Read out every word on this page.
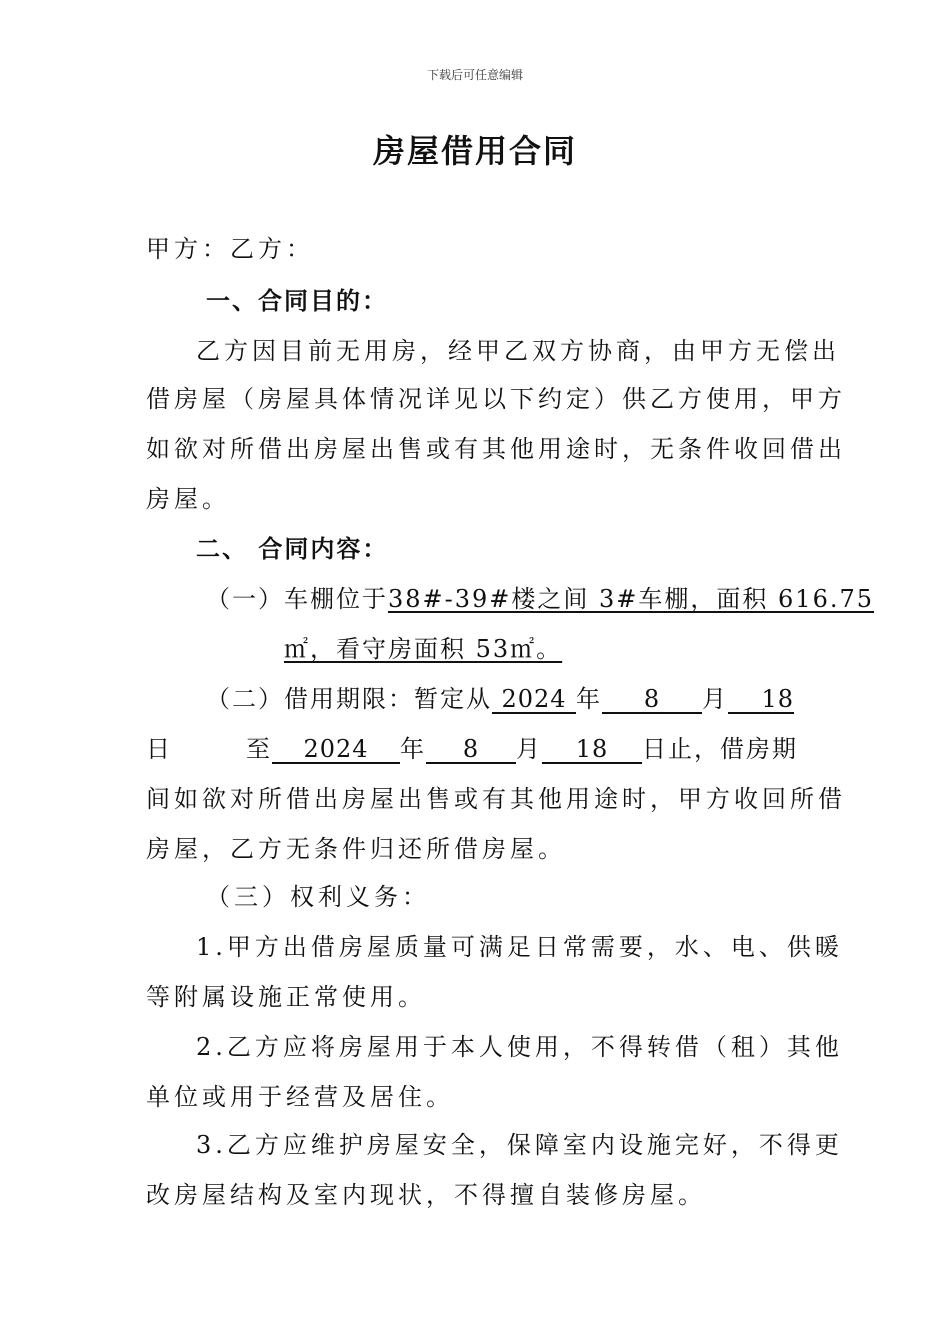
下载后可任意编辑
房屋借用合同
甲方：乙方：
一、合同目的：
乙方因目前无用房，经甲乙双方协商，由甲方无偿出
借房屋（房屋具体情况详见以下约定）供乙方使用，甲方
如欲对所借出房屋出售或有其他用途时，无条件收回借出
房屋。
二、 合同内容：
（一）车棚位于38#-39#楼之间 3#车棚，面积 616.75
㎡，看守房面积 53㎡。
（二）借用期限：暂定从 2024 年 8 月 18
日	至 2024 年 8 月 18 日止，借房期
间如欲对所借出房屋出售或有其他用途时，甲方收回所借
房屋，乙方无条件归还所借房屋。
（三）权利义务：
1.甲方出借房屋质量可满足日常需要，水、电、供暖
等附属设施正常使用。
2.乙方应将房屋用于本人使用，不得转借（租）其他
单位或用于经营及居住。
3.乙方应维护房屋安全，保障室内设施完好，不得更
改房屋结构及室内现状，不得擅自装修房屋。
